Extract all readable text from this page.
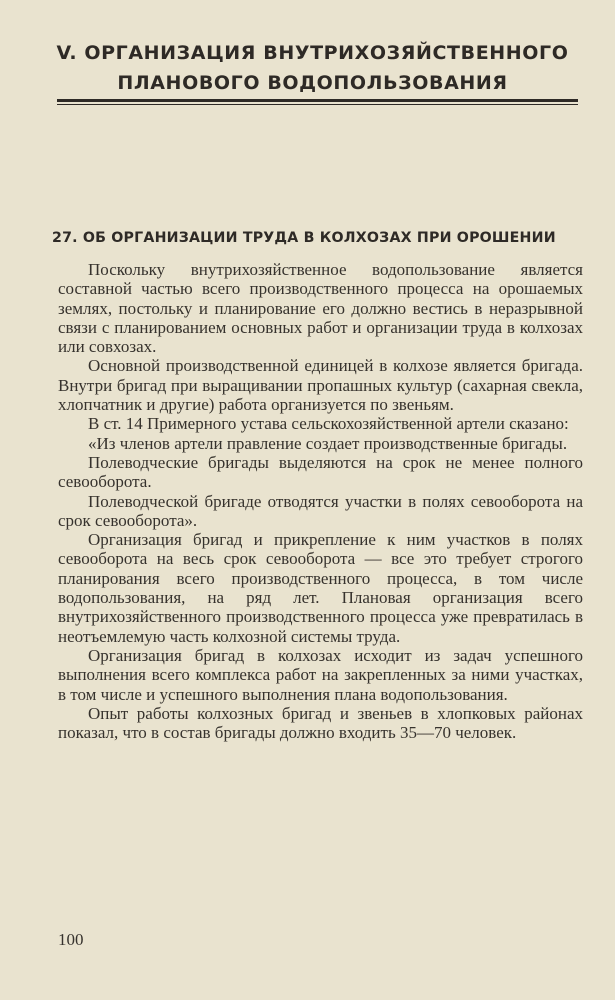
V. ОРГАНИЗАЦИЯ ВНУТРИХОЗЯЙСТВЕННОГО ПЛАНОВОГО ВОДОПОЛЬЗОВАНИЯ
27. ОБ ОРГАНИЗАЦИИ ТРУДА В КОЛХОЗАХ ПРИ ОРОШЕНИИ

Поскольку внутрихозяйственное водопользование является составной частью всего производственного процесса на орошаемых землях, постольку и планирование его должно вестись в неразрывной связи с планированием основных работ и организации труда в колхозах или совхозах.

Основной производственной единицей в колхозе является бригада. Внутри бригад при выращивании пропашных культур (сахарная свекла, хлопчатник и другие) работа организуется по звеньям.

В ст. 14 Примерного устава сельскохозяйственной артели сказано:

«Из членов артели правление создает производственные бригады.

Полеводческие бригады выделяются на срок не менее полного севооборота.

Полеводческой бригаде отводятся участки в полях севооборота на срок севооборота».

Организация бригад и прикрепление к ним участков в полях севооборота на весь срок севооборота — все это требует строгого планирования всего производственного процесса, в том числе водопользования, на ряд лет. Плановая организация всего внутрихозяйственного производственного процесса уже превратилась в неотъемлемую часть колхозной системы труда.

Организация бригад в колхозах исходит из задач успешного выполнения всего комплекса работ на закрепленных за ними участках, в том числе и успешного выполнения плана водопользования.

Опыт работы колхозных бригад и звеньев в хлопковых районах показал, что в состав бригады должно входить 35—70 человек.

100
